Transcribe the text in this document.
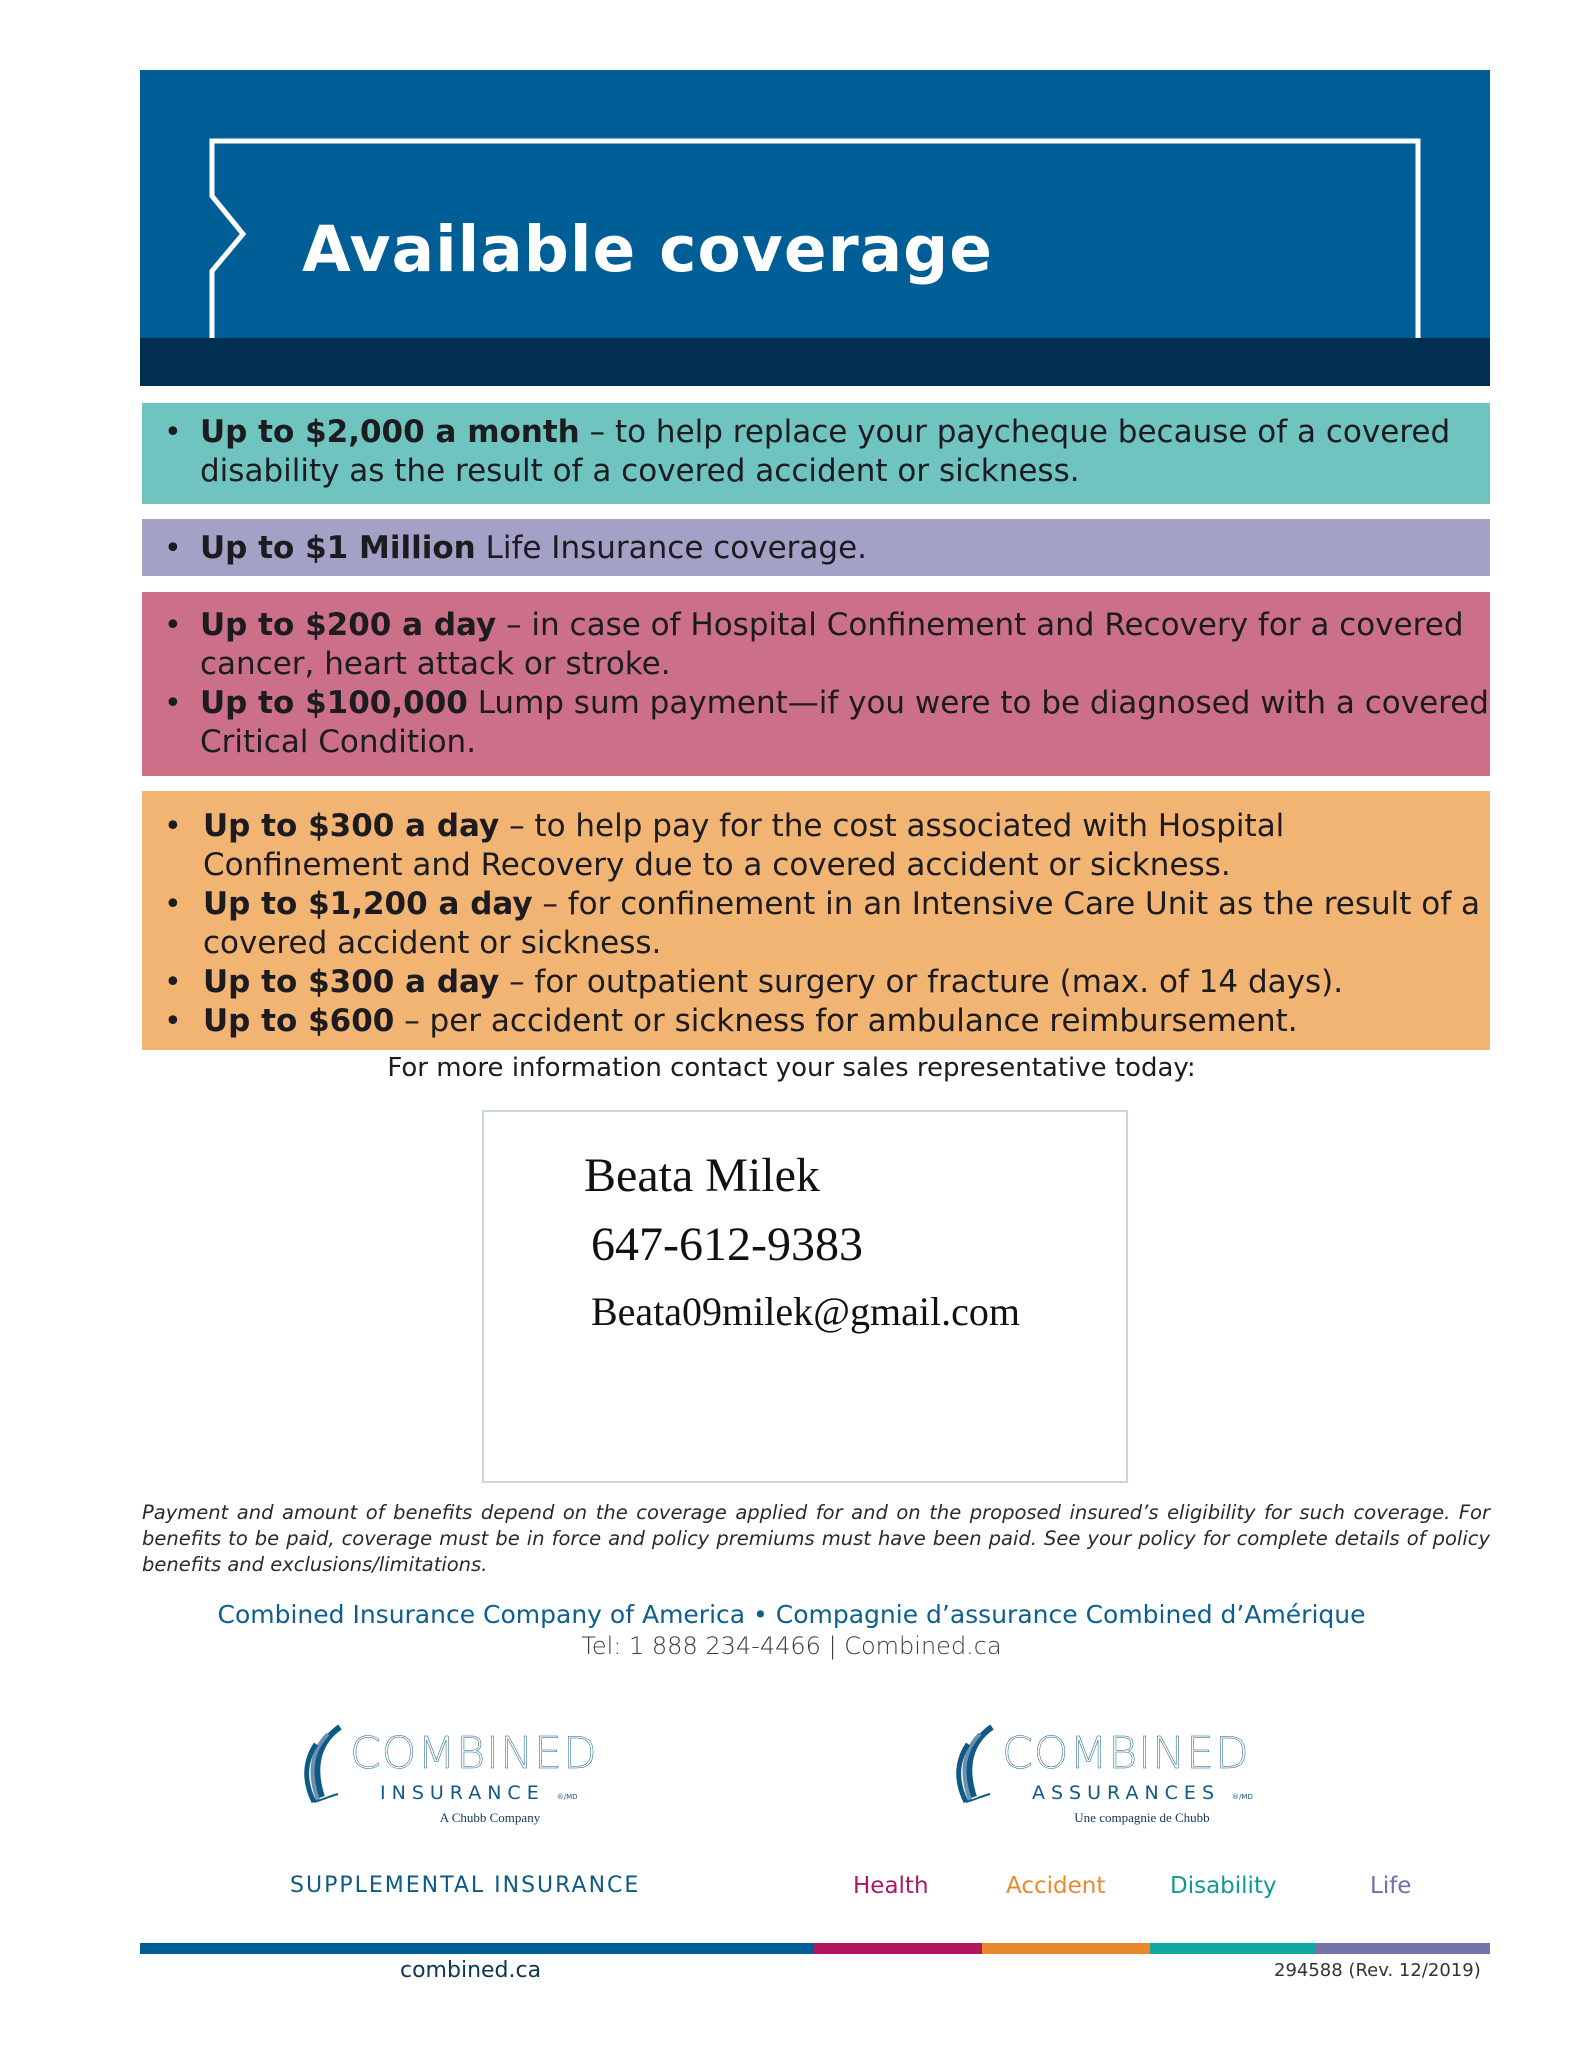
Available coverage
• Up to $2,000 a month – to help replace your paycheque because of a covered disability as the result of a covered accident or sickness.
• Up to $1 Million Life Insurance coverage.
• Up to $200 a day – in case of Hospital Confinement and Recovery for a covered cancer, heart attack or stroke.
• Up to $100,000 Lump sum payment—if you were to be diagnosed with a covered Critical Condition.
• Up to $300 a day – to help pay for the cost associated with Hospital Confinement and Recovery due to a covered accident or sickness.
• Up to $1,200 a day – for confinement in an Intensive Care Unit as the result of a covered accident or sickness.
• Up to $300 a day – for outpatient surgery or fracture (max. of 14 days).
• Up to $600 – per accident or sickness for ambulance reimbursement.
For more information contact your sales representative today:
Beata Milek
647-612-9383
Beata09milek@gmail.com
Payment and amount of benefits depend on the coverage applied for and on the proposed insured’s eligibility for such coverage. For benefits to be paid, coverage must be in force and policy premiums must have been paid. See your policy for complete details of policy benefits and exclusions/limitations.
Combined Insurance Company of America • Compagnie d’assurance Combined d’Amérique
Tel: 1 888 234-4466 | Combined.ca
COMBINED
INSURANCE ®/MD
A Chubb Company
COMBINED
ASSURANCES ®/MD
Une compagnie de Chubb
SUPPLEMENTAL INSURANCE	Health	Accident	Disability	Life
combined.ca	294588 (Rev. 12/2019)
